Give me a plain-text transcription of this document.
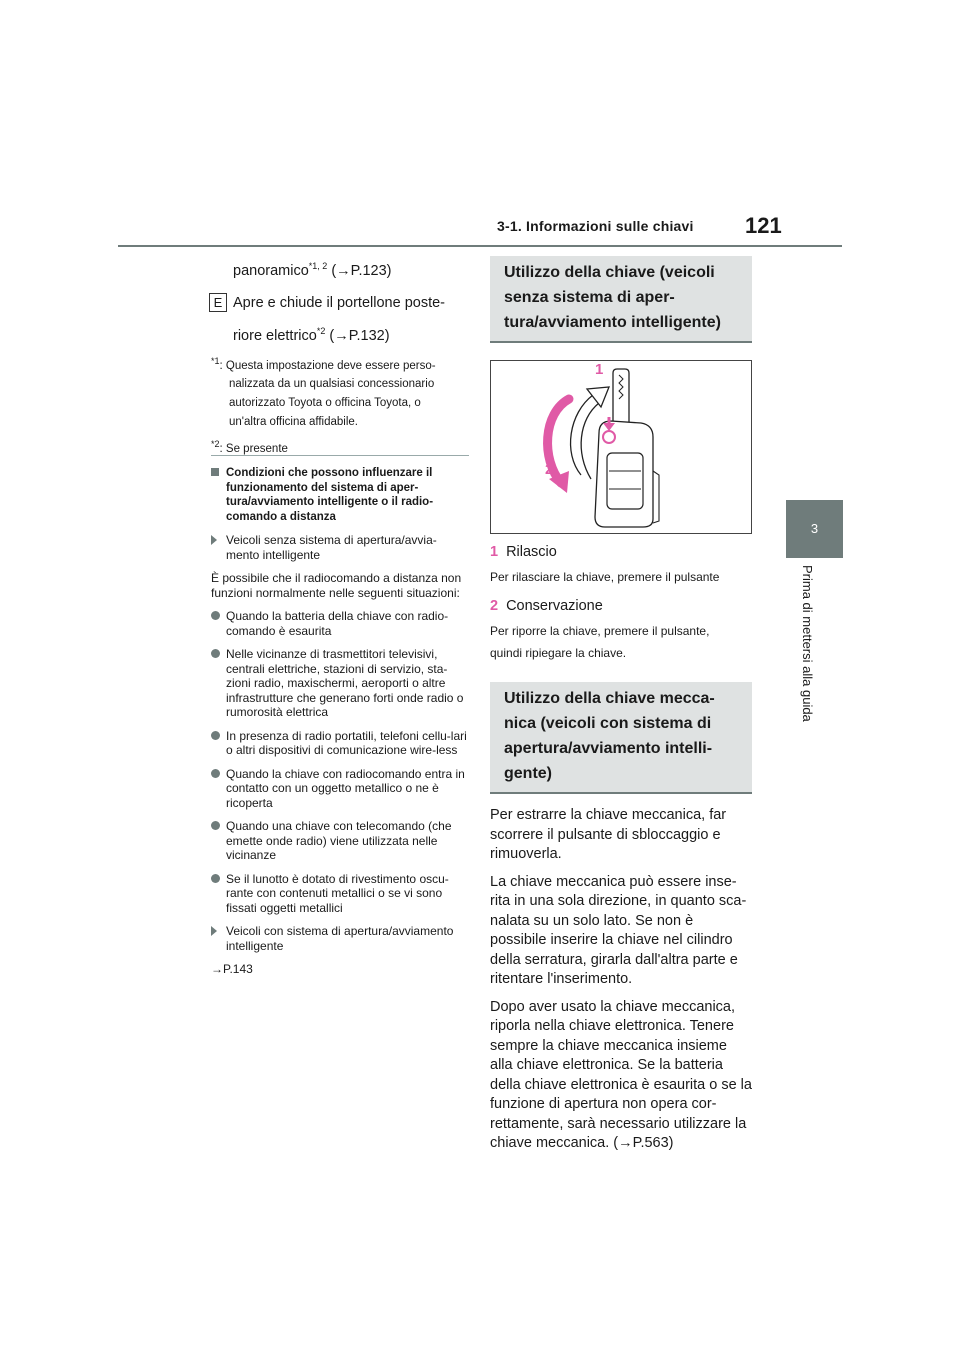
3-1. Informazioni sulle chiavi 121
3
Prima di mettersi alla guida

panoramico$^{*1, 2}$ (→P.123)

E Apre e chiude il portellone poste-

riore elettrico$^{*2}$ (→P.132)

$^{*1}$: Questa impostazione deve essere perso-
nalizzata da un qualsiasi concessionario
autorizzato Toyota o officina Toyota, o
un'altra officina affidabile.
$^{*2}$: Se presente
Condizioni che possono influenzare il funzionamento del sistema di aper-tura/avviamento intelligente o il radio-comando a distanza
Veicoli senza sistema di apertura/avvia-mento intelligente

È possibile che il radiocomando a distanza non funzioni normalmente nelle seguenti situazioni:

Quando la batteria della chiave con radio-comando è esaurita
Nelle vicinanze di trasmettitori televisivi, centrali elettriche, stazioni di servizio, sta-zioni radio, maxischermi, aeroporti o altre infrastrutture che generano forti onde radio o rumorosità elettrica
In presenza di radio portatili, telefoni cellu-lari o altri dispositivi di comunicazione wire-less
Quando la chiave con radiocomando entra in contatto con un oggetto metallico o ne è ricoperta
Quando una chiave con telecomando (che emette onde radio) viene utilizzata nelle vicinanze
Se il lunotto è dotato di rivestimento oscu-rante con contenuti metallici o se vi sono fissati oggetti metallici
Veicoli con sistema di apertura/avviamento intelligente

→P.143

Utilizzo della chiave (veicoli senza sistema di aper-tura/avviamento intelligente)
1
2

1 Rilascio

Per rilasciare la chiave, premere il pulsante

2 Conservazione

Per riporre la chiave, premere il pulsante,

quindi ripiegare la chiave.

Utilizzo della chiave mecca-nica (veicoli con sistema di apertura/avviamento intelli-gente)

Per estrarre la chiave meccanica, far scorrere il pulsante di sbloccaggio e rimuoverla.

La chiave meccanica può essere inse-rita in una sola direzione, in quanto sca-nalata su un solo lato. Se non è possibile inserire la chiave nel cilindro della serratura, girarla dall'altra parte e ritentare l'inserimento.

Dopo aver usato la chiave meccanica, riporla nella chiave elettronica. Tenere sempre la chiave meccanica insieme alla chiave elettronica. Se la batteria della chiave elettronica è esaurita o se la funzione di apertura non opera cor-rettamente, sarà necessario utilizzare la chiave meccanica. (→P.563)
